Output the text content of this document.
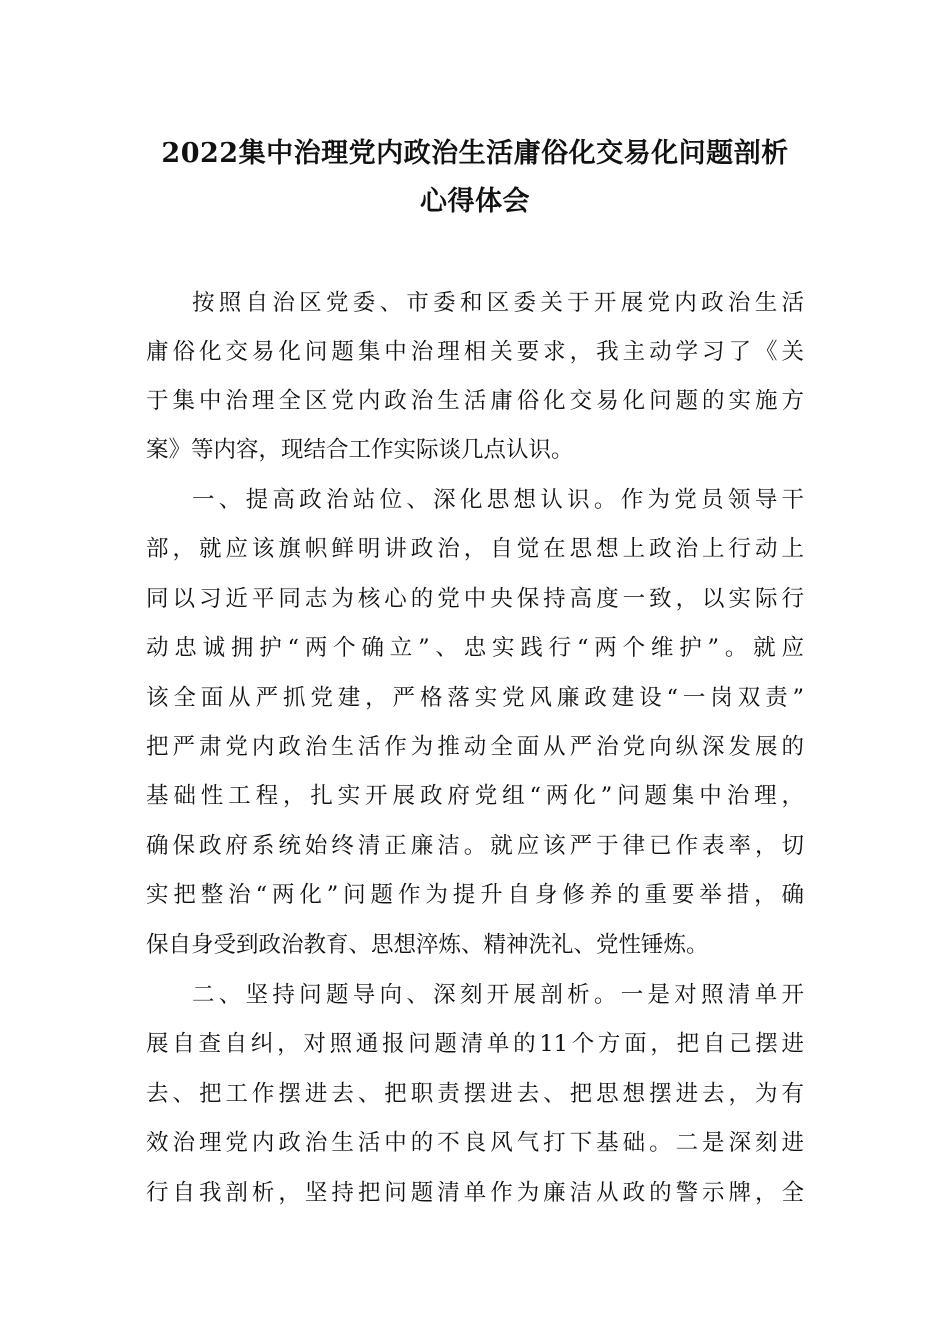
2022集中治理党内政治生活庸俗化交易化问题剖析
心得体会
按照自治区党委、市委和区委关于开展党内政治生活
庸俗化交易化问题集中治理相关要求，我主动学习了《关
于集中治理全区党内政治生活庸俗化交易化问题的实施方
案》等内容，现结合工作实际谈几点认识。
一、提高政治站位、深化思想认识。作为党员领导干
部，就应该旗帜鲜明讲政治，自觉在思想上政治上行动上
同以习近平同志为核心的党中央保持高度一致，以实际行
动忠诚拥护“两个确立”、忠实践行“两个维护”。就应
该全面从严抓党建，严格落实党风廉政建设“一岗双责”
把严肃党内政治生活作为推动全面从严治党向纵深发展的
基础性工程，扎实开展政府党组“两化”问题集中治理，
确保政府系统始终清正廉洁。就应该严于律已作表率，切
实把整治“两化”问题作为提升自身修养的重要举措，确
保自身受到政治教育、思想淬炼、精神洗礼、党性锤炼。
二、坚持问题导向、深刻开展剖析。一是对照清单开
展自查自纠，对照通报问题清单的11个方面，把自己摆进
去、把工作摆进去、把职责摆进去、把思想摆进去，为有
效治理党内政治生活中的不良风气打下基础。二是深刻进
行自我剖析，坚持把问题清单作为廉洁从政的警示牌，全
